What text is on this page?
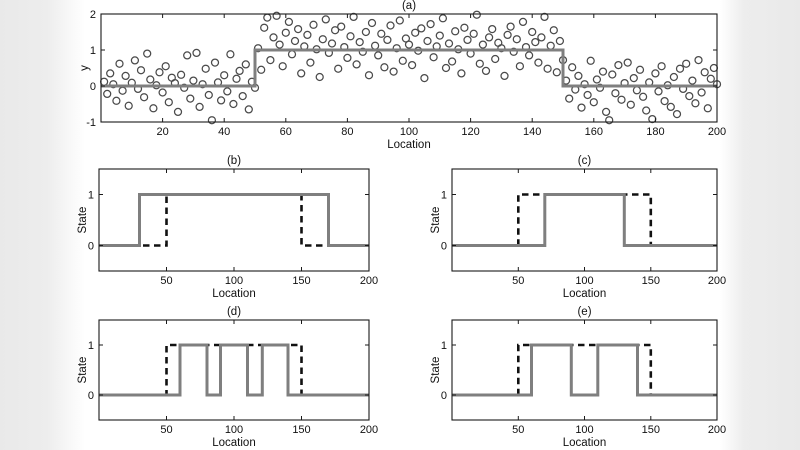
20	40	60	80	100	120	140	160	180	200
-1
0
1
2
(a)
Location
y
50	100	150	200
0
1
(b)
Location
State
50	100	150	200
0
1
(c)
Location
State
50	100	150	200
0
1
(d)
Location
State
50	100	150	200
0
1
(e)
Location
State
